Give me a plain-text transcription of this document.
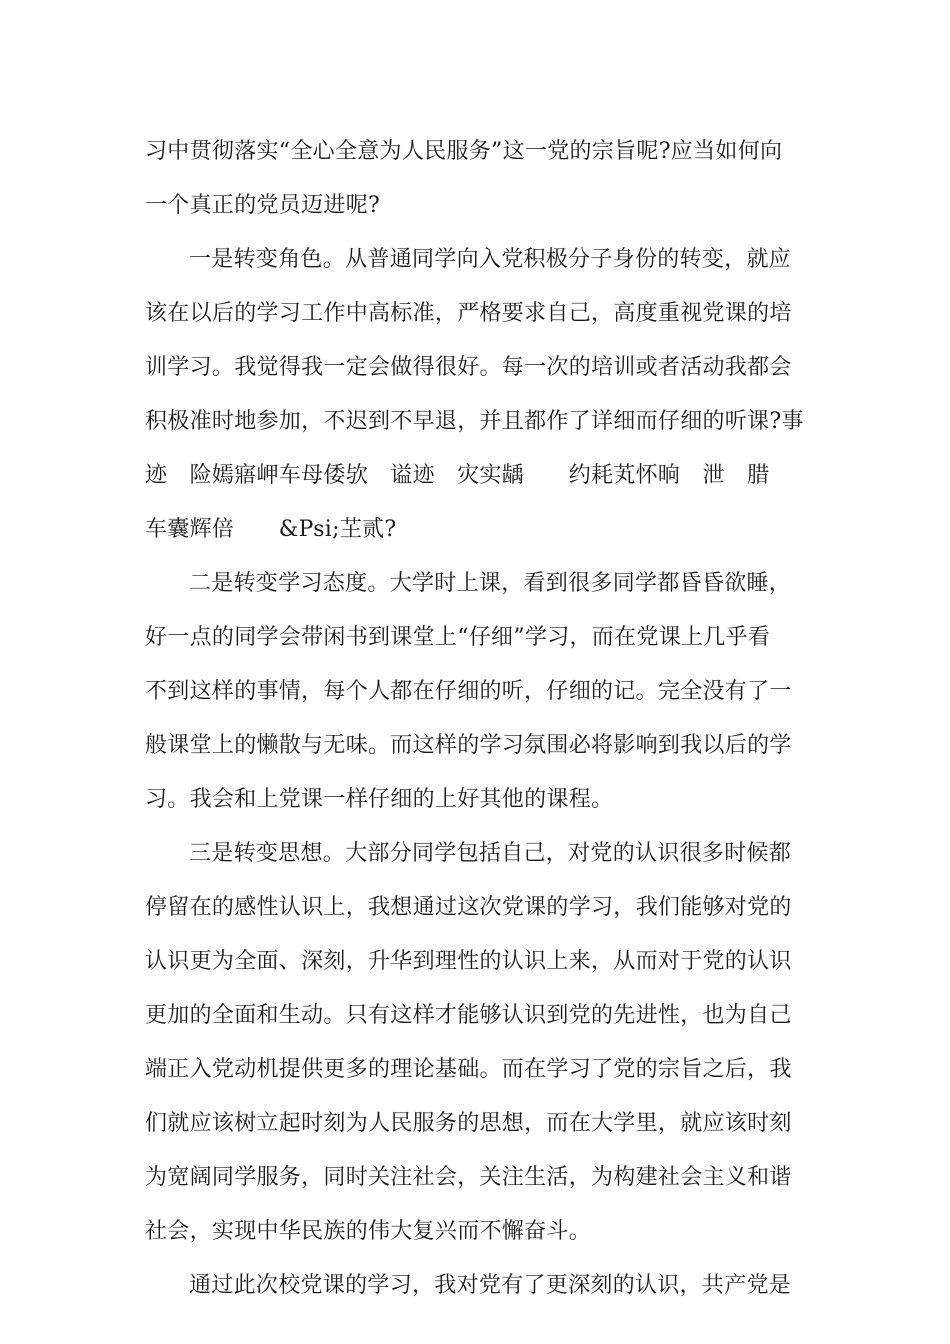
习中贯彻落实“全心全意为人民服务”这一党的宗旨呢?应当如何向
一个真正的党员迈进呢?
一是转变角色。从普通同学向入党积极分子身份的转变，就应
该在以后的学习工作中高标准，严格要求自己，高度重视党课的培
训学习。我觉得我一定会做得很好。每一次的培训或者活动我都会
积极准时地参加，不迟到不早退，并且都作了详细而仔细的听课?事
迹　险嫣寤岬车母倭欤　谥迹　灾实龋　　约耗芄怀晌　泄　腊
车囊辉倍　　&Psi;芏贰?
二是转变学习态度。大学时上课，看到很多同学都昏昏欲睡，
好一点的同学会带闲书到课堂上“仔细”学习，而在党课上几乎看
不到这样的事情，每个人都在仔细的听，仔细的记。完全没有了一
般课堂上的懒散与无味。而这样的学习氛围必将影响到我以后的学
习。我会和上党课一样仔细的上好其他的课程。
三是转变思想。大部分同学包括自己，对党的认识很多时候都
停留在的感性认识上，我想通过这次党课的学习，我们能够对党的
认识更为全面、深刻，升华到理性的认识上来，从而对于党的认识
更加的全面和生动。只有这样才能够认识到党的先进性，也为自己
端正入党动机提供更多的理论基础。而在学习了党的宗旨之后，我
们就应该树立起时刻为人民服务的思想，而在大学里，就应该时刻
为宽阔同学服务，同时关注社会，关注生活，为构建社会主义和谐
社会，实现中华民族的伟大复兴而不懈奋斗。
通过此次校党课的学习，我对党有了更深刻的认识，共产党是
